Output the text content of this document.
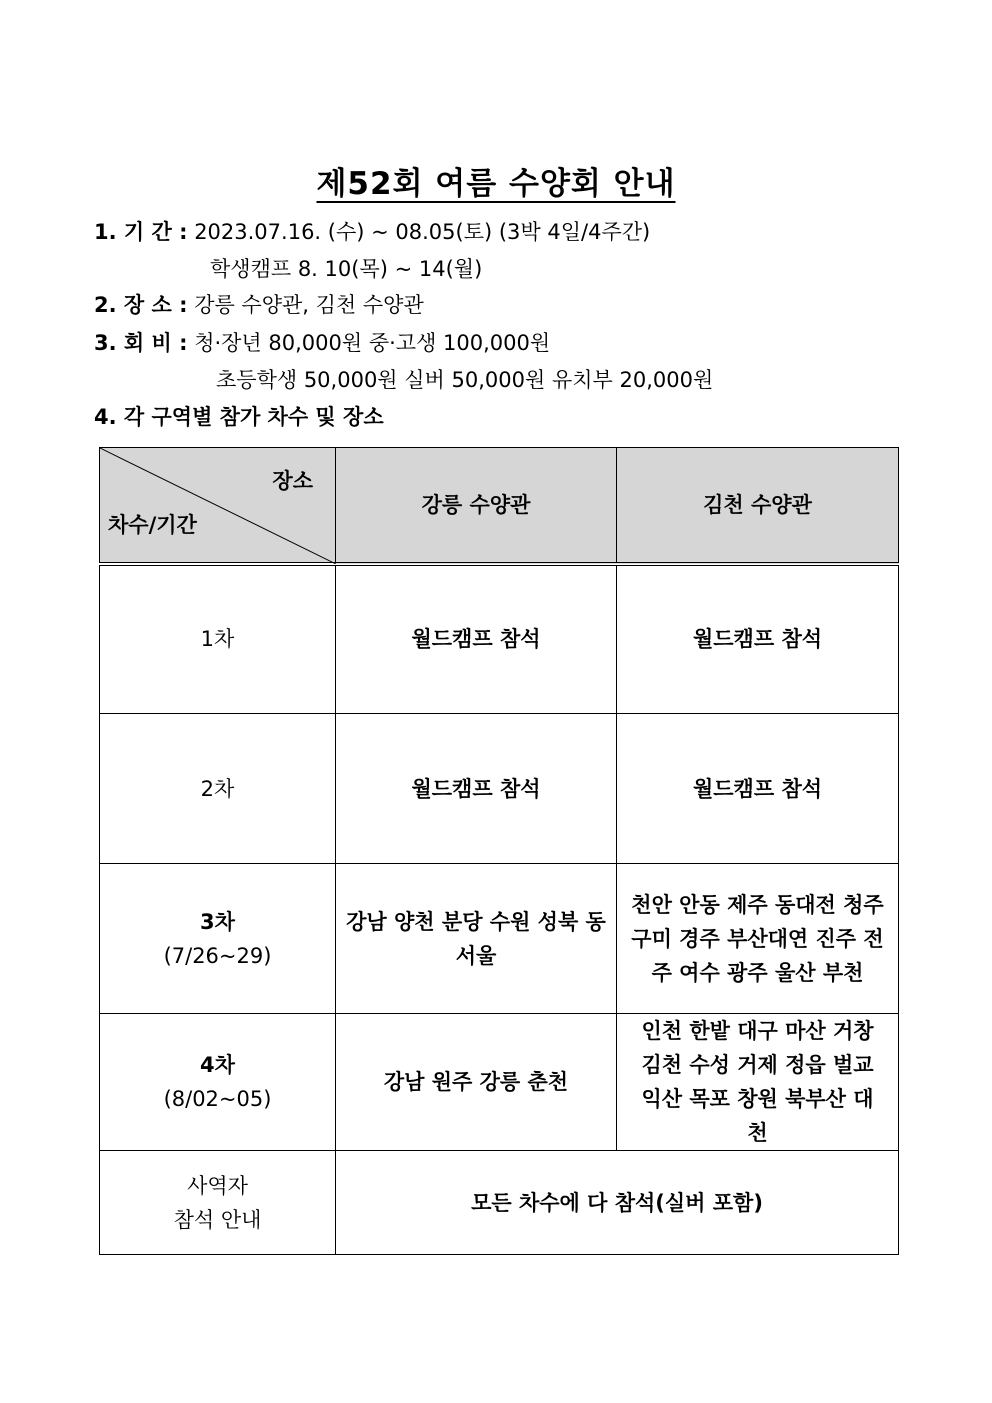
제52회 여름 수양회 안내
1. 기 간 : 2023.07.16. (수) ~ 08.05(토) (3박 4일/4주간)
학생캠프 8. 10(목) ~ 14(월)
2. 장 소 : 강릉 수양관, 김천 수양관
3. 회 비 : 청·장년 80,000원 중·고생 100,000원
초등학생 50,000원 실버 50,000원 유치부 20,000원
4. 각 구역별 참가 차수 및 장소
장소
차수/기간	강릉 수양관	김천 수양관
1차	월드캠프 참석	월드캠프 참석
2차	월드캠프 참석	월드캠프 참석

3차
(7/26~29)	강남 양천 분당 수원 성북 동서울	천안 안동 제주 동대전 청주 구미 경주 부산대연 진주 전주 여수 광주 울산 부천

4차
(8/02~05)	강남 원주 강릉 춘천	인천 한밭 대구 마산 거창 김천 수성 거제 정읍 벌교 익산 목포 창원 북부산 대천

사역자
참석 안내	모든 차수에 다 참석(실버 포함)	
